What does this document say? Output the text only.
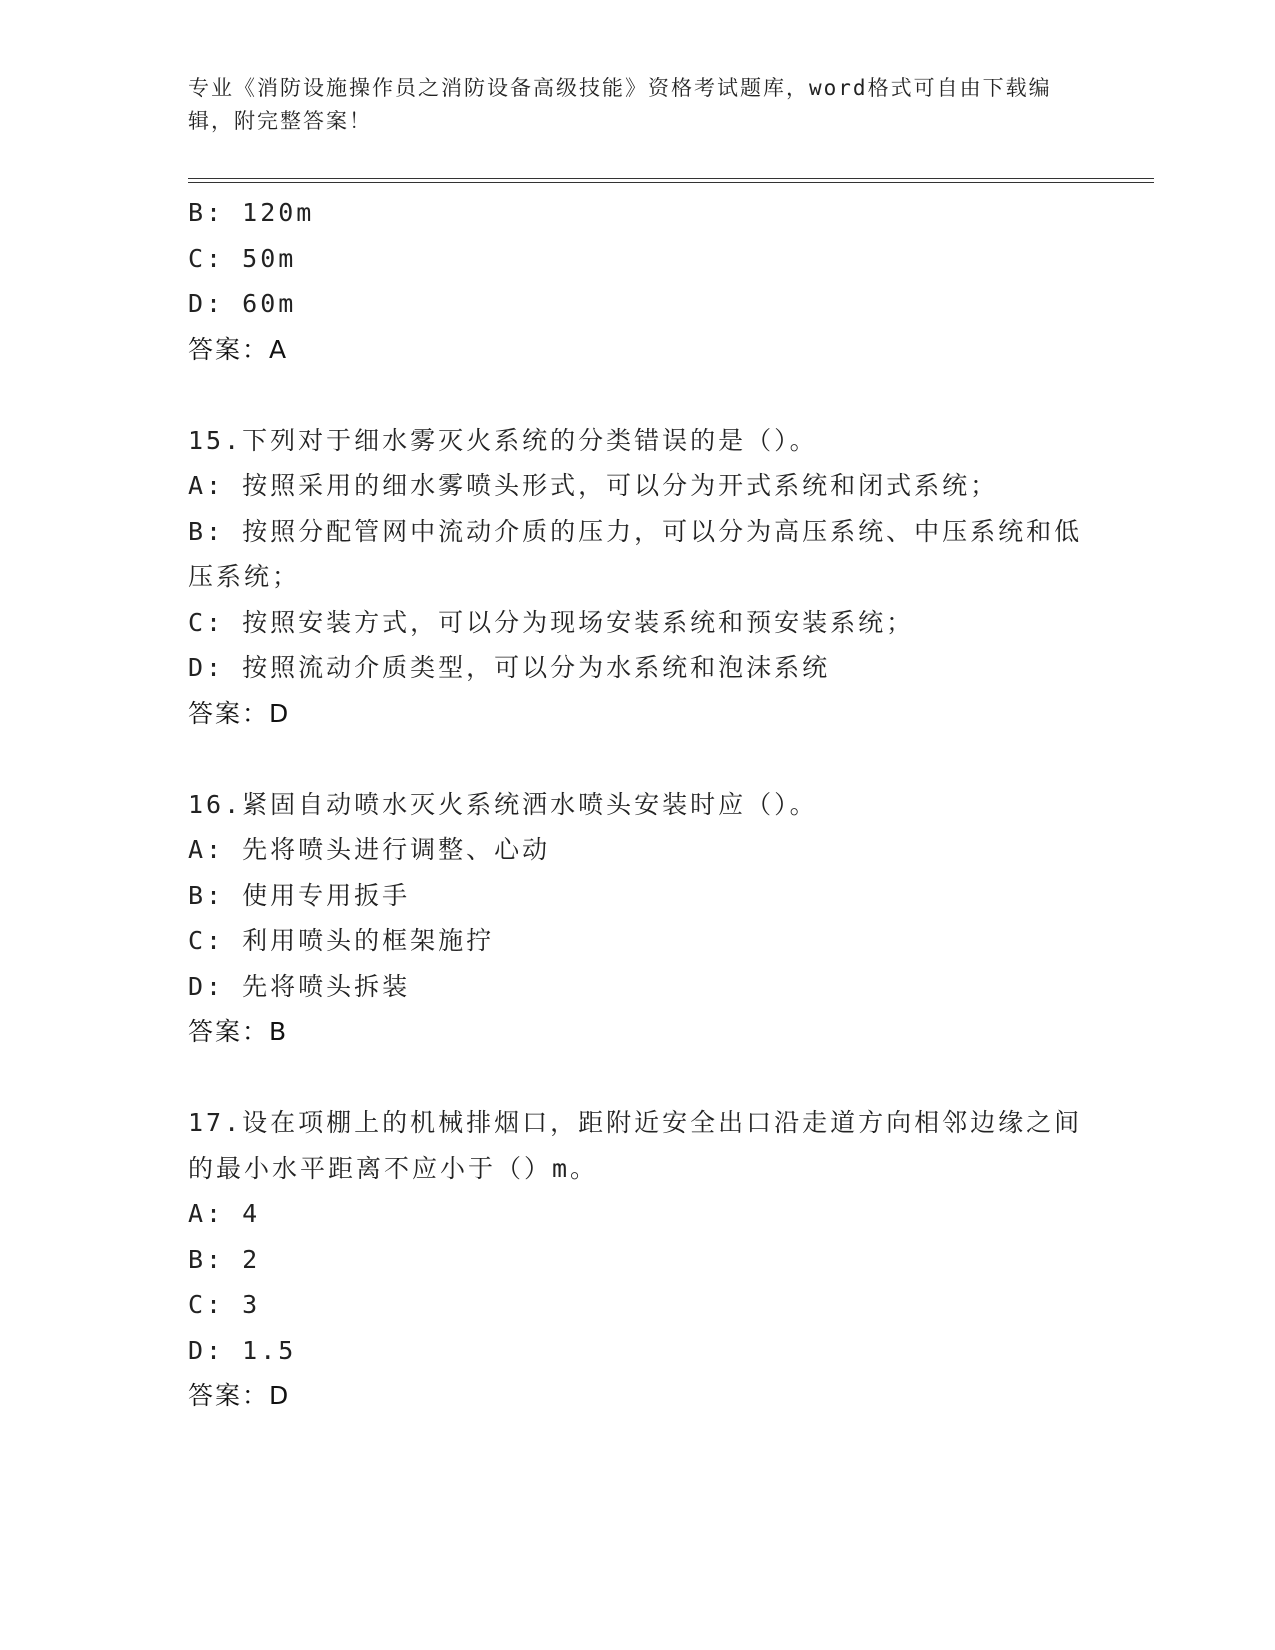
专业《消防设施操作员之消防设备高级技能》资格考试题库，word格式可自由下载编辑，附完整答案！
B: 120m
C: 50m
D: 60m
答案：A
15.下列对于细水雾灭火系统的分类错误的是（）。
A: 按照采用的细水雾喷头形式，可以分为开式系统和闭式系统；
B: 按照分配管网中流动介质的压力，可以分为高压系统、中压系统和低压系统；
C: 按照安装方式，可以分为现场安装系统和预安装系统；
D: 按照流动介质类型，可以分为水系统和泡沫系统
答案：D
16.紧固自动喷水灭火系统洒水喷头安装时应（）。
A: 先将喷头进行调整、心动
B: 使用专用扳手
C: 利用喷头的框架施拧
D: 先将喷头拆装
答案：B
17.设在项棚上的机械排烟口，距附近安全出口沿走道方向相邻边缘之间的最小水平距离不应小于（）m。
A: 4
B: 2
C: 3
D: 1.5
答案：D
